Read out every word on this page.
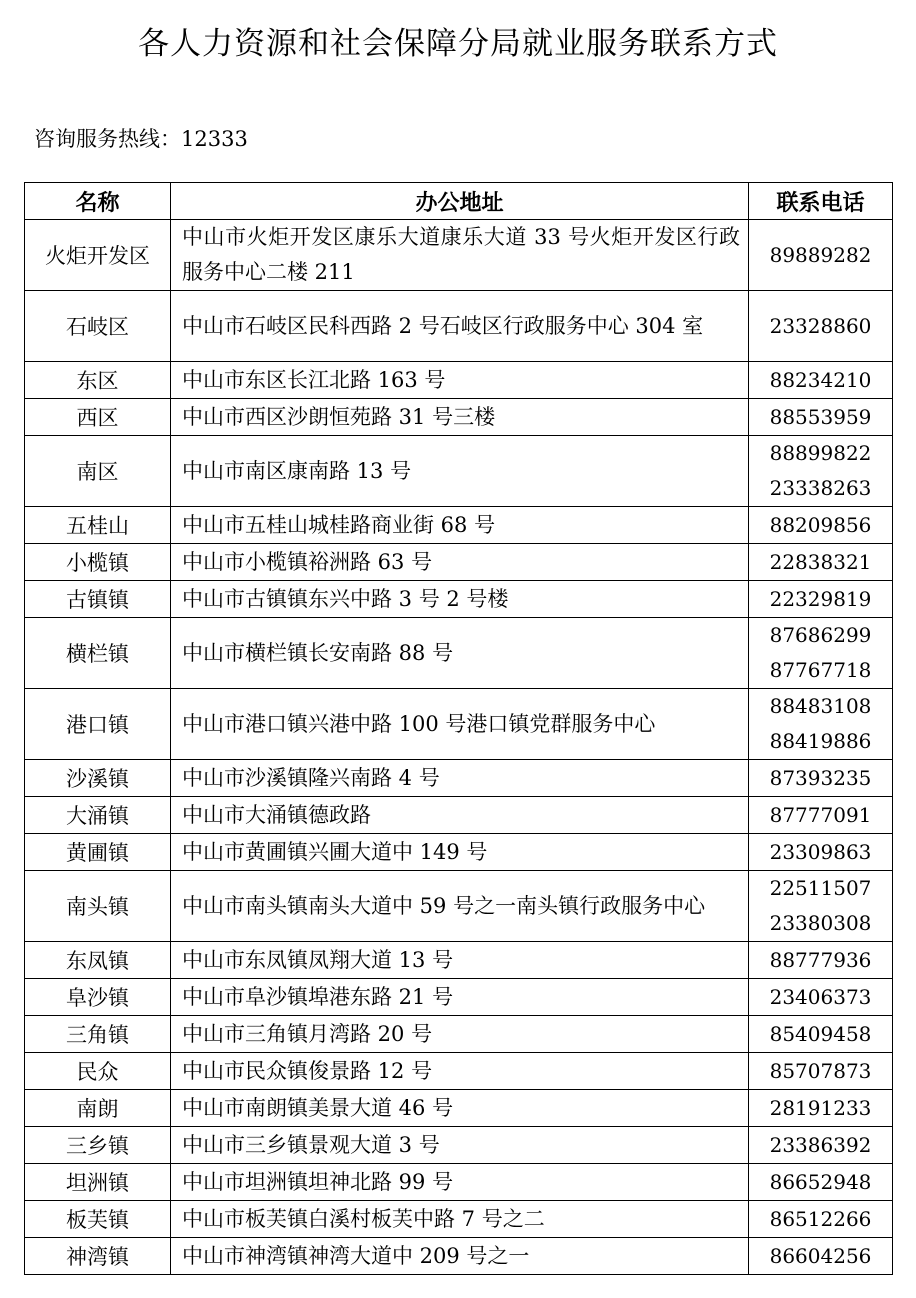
各人力资源和社会保障分局就业服务联系方式
咨询服务热线：12333
名称	办公地址	联系电话
火炬开发区	中山市火炬开发区康乐大道康乐大道 33 号火炬开发区行政服务中心二楼 211	89889282

石岐区	中山市石岐区民科西路 2 号石岐区行政服务中心 304 室	23328860

东区	中山市东区长江北路 163 号	88234210

西区	中山市西区沙朗恒苑路 31 号三楼	88553959

南区	中山市南区康南路 13 号	88899822
23338263

五桂山	中山市五桂山城桂路商业街 68 号	88209856

小榄镇	中山市小榄镇裕洲路 63 号	22838321

古镇镇	中山市古镇镇东兴中路 3 号 2 号楼	22329819

横栏镇	中山市横栏镇长安南路 88 号	87686299
87767718

港口镇	中山市港口镇兴港中路 100 号港口镇党群服务中心	88483108
88419886

沙溪镇	中山市沙溪镇隆兴南路 4 号	87393235

大涌镇	中山市大涌镇德政路	87777091

黄圃镇	中山市黄圃镇兴圃大道中 149 号	23309863

南头镇	中山市南头镇南头大道中 59 号之一南头镇行政服务中心	22511507
23380308

东凤镇	中山市东凤镇凤翔大道 13 号	88777936

阜沙镇	中山市阜沙镇埠港东路 21 号	23406373

三角镇	中山市三角镇月湾路 20 号	85409458

民众	中山市民众镇俊景路 12 号	85707873

南朗	中山市南朗镇美景大道 46 号	28191233

三乡镇	中山市三乡镇景观大道 3 号	23386392

坦洲镇	中山市坦洲镇坦神北路 99 号	86652948

板芙镇	中山市板芙镇白溪村板芙中路 7 号之二	86512266

神湾镇	中山市神湾镇神湾大道中 209 号之一	86604256
